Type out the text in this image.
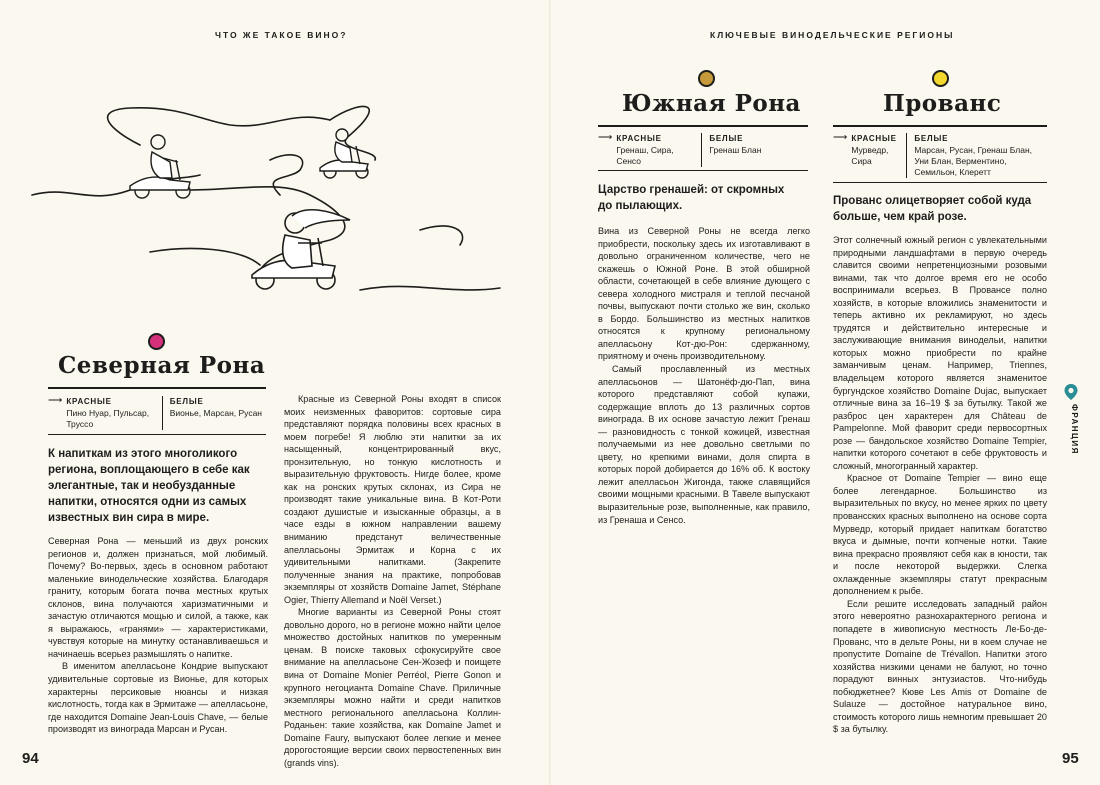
ЧТО ЖЕ ТАКОЕ ВИНО?
Северная Рона
⟶ КРАСНЫЕ
Пино Нуар, Пульсар, Труссо
БЕЛЫЕ
Вионье, Марсан, Русан
К напиткам из этого многоликого региона, воплощающего в себе как элегантные, так и необузданные напитки, относятся одни из самых известных вин сира в мире.

Северная Рона — меньший из двух ронских регионов и, должен признаться, мой любимый. Почему? Во-первых, здесь в основном работают маленькие винодельческие хозяйства. Благодаря граниту, которым богата почва местных крутых склонов, вина получаются харизматичными и зачастую отличаются мощью и силой, а также, как я выражаюсь, «гранями» — характеристиками, чувствуя которые на минутку останавливаешься и начинаешь всерьез размышлять о напитке.

В именитом апелласьоне Кондрие выпускают удивительные сортовые из Вионье, для которых характерны персиковые нюансы и низкая кислотность, тогда как в Эрмитаже — апелласьоне, где находится Domaine Jean-Louis Chave, — белые производят из винограда Марсан и Русан.

Красные из Северной Роны входят в список моих неизменных фаворитов: сортовые сира представляют порядка половины всех красных в моем погребе! Я люблю эти напитки за их насыщенный, концентрированный вкус, пронзительную, но тонкую кислотность и выразительную фруктовость. Нигде более, кроме как на ронских крутых склонах, из Сира не производят такие уникальные вина. В Кот-Роти создают душистые и изысканные образцы, а в часе езды в южном направлении вашему вниманию предстанут величественные апелласьоны Эрмитаж и Корна с их удивительными напитками. (Закрепите полученные знания на практике, попробовав экземпляры от хозяйств Domaine Jamet, Stéphane Ogier, Thierry Allemand и Noël Verset.)

Многие варианты из Северной Роны стоят довольно дорого, но в регионе можно найти целое множество достойных напитков по умеренным ценам. В поиске таковых сфокусируйте свое внимание на апелласьоне Сен-Жозеф и поищете вина от Domaine Monier Perréol, Pierre Gonon и крупного негоцианта Domaine Chave. Приличные экземпляры можно найти и среди напитков местного регионального апелласьона Коллин-Роданьен: такие хозяйства, как Domaine Jamet и Domaine Faury, выпускают более легкие и менее дорогостоящие версии своих первостепенных вин (grands vins).

94
КЛЮЧЕВЫЕ ВИНОДЕЛЬЧЕСКИЕ РЕГИОНЫ
Южная Рона
⟶ КРАСНЫЕ
Гренаш, Сира, Сенсо
БЕЛЫЕ
Гренаш Блан
Царство гренашей: от скромных до пылающих.

Вина из Северной Роны не всегда легко приобрести, поскольку здесь их изготавливают в довольно ограниченном количестве, чего не скажешь о Южной Роне. В этой обширной области, сочетающей в себе влияние дующего с севера холодного мистраля и теплой песчаной почвы, выпускают почти столько же вин, сколько в Бордо. Большинство из местных напитков относятся к крупному региональному апелласьону Кот-дю-Рон: сдержанному, приятному и очень производительному.

Самый прославленный из местных апелласьонов — Шатонёф-дю-Пап, вина которого представляют собой купажи, содержащие вплоть до 13 различных сортов винограда. В их основе зачастую лежит Гренаш — разновидность с тонкой кожицей, известная получаемыми из нее довольно светлыми по цвету, но крепкими винами, доля спирта в которых порой добирается до 16% об. К востоку лежит апелласьон Жигонда, также славящийся своими мощными красными. В Тавеле выпускают выразительные розе, выполненные, как правило, из Гренаша и Сенсо.

Прованс
⟶ КРАСНЫЕ
Мурведр, Сира
БЕЛЫЕ
Марсан, Русан, Гренаш Блан, Уни Блан, Верментино, Семильон, Клеретт
Прованс олицетворяет собой куда больше, чем край розе.

Этот солнечный южный регион с увлекательными природными ландшафтами в первую очередь славится своими непретенциозными розовыми винами, так что долгое время его не особо воспринимали всерьез. В Провансе полно хозяйств, в которые вложились знаменитости и теперь активно их рекламируют, но здесь трудятся и действительно интересные и заслуживающие внимания винодельи, напитки которых можно приобрести по крайне заманчивым ценам. Например, Triennes, владельцем которого является знаменитое бургундское хозяйство Domaine Dujac, выпускает отличные вина за 16–19 $ за бутылку. Такой же разброс цен характерен для Château de Pampelonne. Мой фаворит среди первосортных розе — бандольское хозяйство Domaine Tempier, напитки которого сочетают в себе фруктовость и сложный, многогранный характер.

Красное от Domaine Tempier — вино еще более легендарное. Большинство из выразительных по вкусу, но менее ярких по цвету провансских красных выполнено на основе сорта Мурведр, который придает напиткам богатство вкуса и дымные, почти копченые нотки. Такие вина прекрасно проявляют себя как в юности, так и после некоторой выдержки. Слегка охлажденные экземпляры статут прекрасным дополнением к рыбе.

Если решите исследовать западный район этого невероятно разнохарактерного региона и попадете в живописную местность Ле-Бо-де-Прованс, что в дельте Роны, ни в коем случае не пропустите Domaine de Trévallon. Напитки этого хозяйства низкими ценами не балуют, но точно порадуют винных энтузиастов. Что-нибудь побюджетнее? Кюве Les Amis от Domaine de Sulauze — достойное натуральное вино, стоимость которого лишь немногим превышает 20 $ за бутылку.

95
ФРАНЦИЯ
